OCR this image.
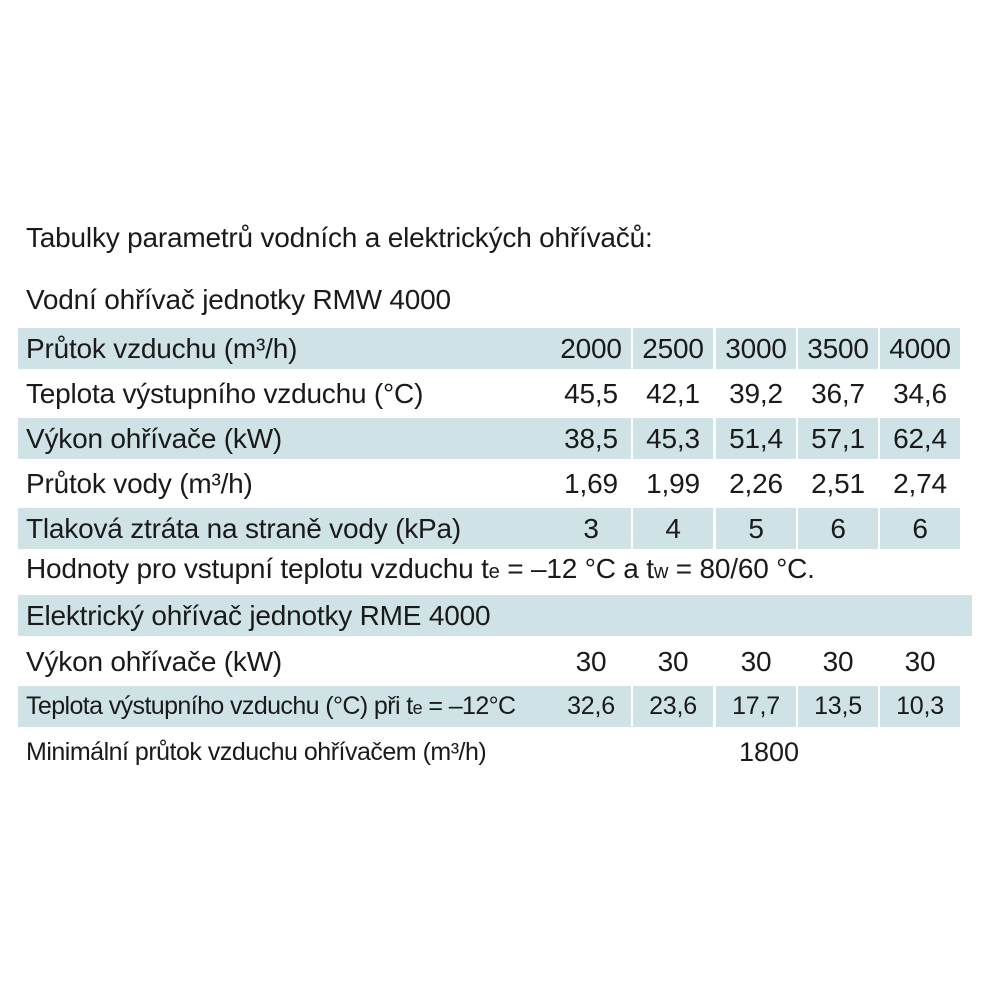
Tabulky parametrů vodních a elektrických ohřívačů:
Vodní ohřívač jednotky RMW 4000
Průtok vzduchu (m³/h)	2000 2500 3000 3500 4000
Teplota výstupního vzduchu (°C)	45,5	42,1	39,2	36,7	34,6
Výkon ohřívače (kW)	38,5	45,3	51,4	57,1	62,4
Průtok vody (m³/h)	1,69	1,99	2,26	2,51	2,74
Tlaková ztráta na straně vody (kPa)	3	4	5	6	6
Hodnoty pro vstupní teplotu vzduchu te = –12 °C a tw = 80/60 °C.
Elektrický ohřívač jednotky RME 4000
Výkon ohřívače (kW)	30	30	30	30	30
Teplota výstupního vzduchu (°C) při te = –12°C	32,6	23,6	17,7	13,5	10,3
Minimální průtok vzduchu ohřívačem (m³/h)	1800
